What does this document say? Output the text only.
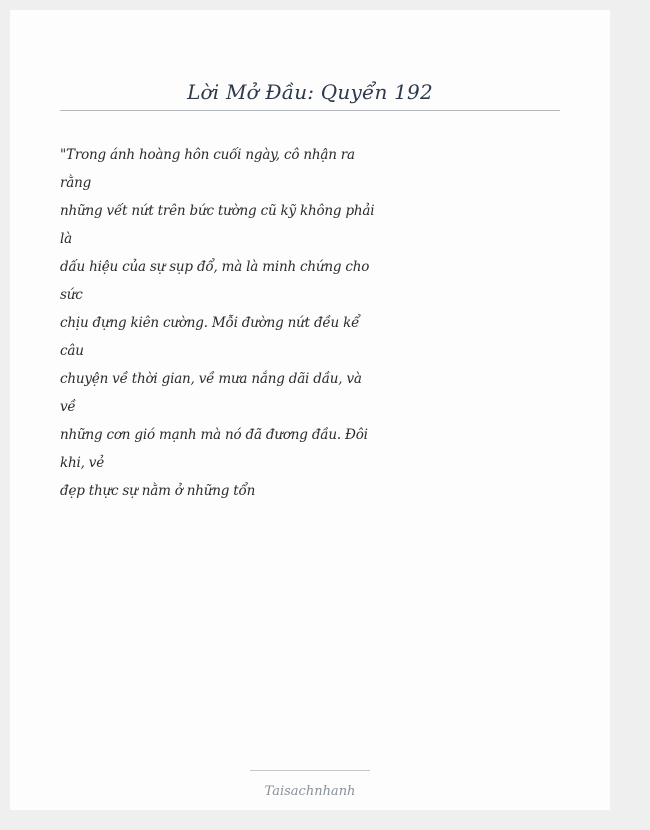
Lời Mở Đầu: Quyển 192
"Trong ánh hoàng hôn cuối ngày, cô nhận ra
rằng
những vết nứt trên bức tường cũ kỹ không phải
là
dấu hiệu của sự sụp đổ, mà là minh chứng cho
sức
chịu đựng kiên cường. Mỗi đường nứt đều kể
câu
chuyện về thời gian, về mưa nắng dãi dầu, và
về
những cơn gió mạnh mà nó đã đương đầu. Đôi
khi, vẻ
đẹp thực sự nằm ở những tổn
Taisachnhanh
